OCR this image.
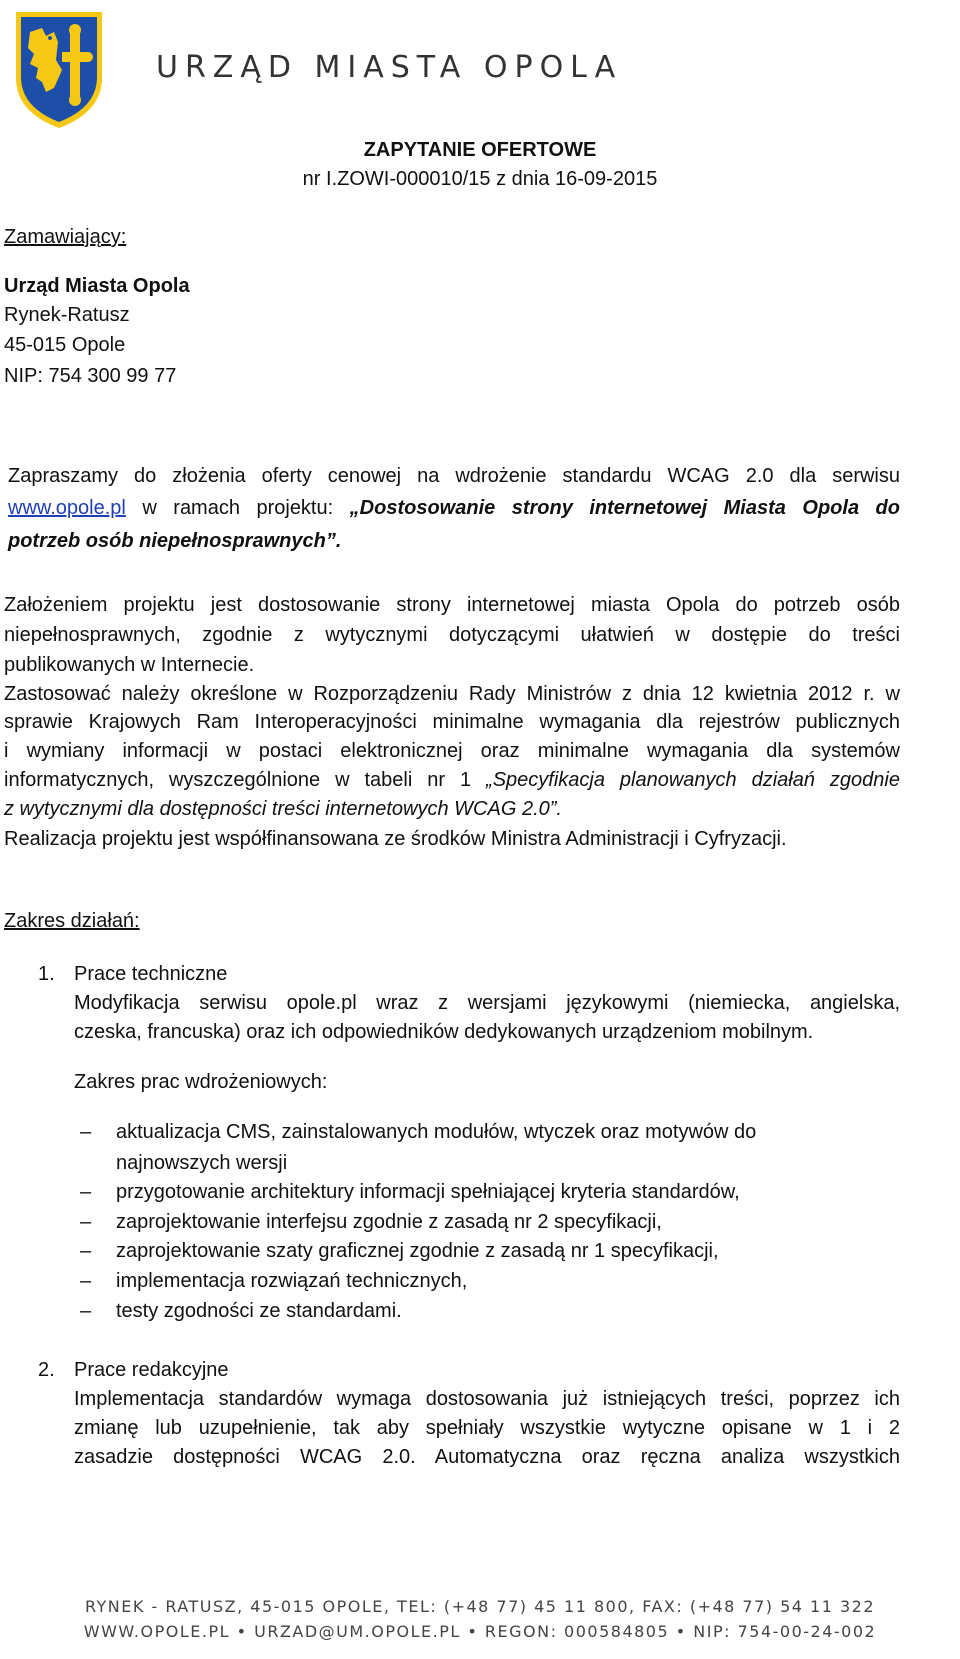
URZĄD MIASTA OPOLA
ZAPYTANIE OFERTOWE
nr I.ZOWI-000010/15 z dnia 16-09-2015
Zamawiający:
Urząd Miasta Opola
Rynek-Ratusz
45-015 Opole
NIP: 754 300 99 77
Zapraszamy do złożenia oferty cenowej na wdrożenie standardu WCAG 2.0 dla serwisu
www.opole.pl w ramach projektu: „Dostosowanie strony internetowej Miasta Opola do
potrzeb osób niepełnosprawnych”.
Założeniem projektu jest dostosowanie strony internetowej miasta Opola do potrzeb osób
niepełnosprawnych, zgodnie z wytycznymi dotyczącymi ułatwień w dostępie do treści
publikowanych w Internecie.
Zastosować należy określone w Rozporządzeniu Rady Ministrów z dnia 12 kwietnia 2012 r. w
sprawie Krajowych Ram Interoperacyjności minimalne wymagania dla rejestrów publicznych
i wymiany informacji w postaci elektronicznej oraz minimalne wymagania dla systemów
informatycznych, wyszczególnione w tabeli nr 1 „Specyfikacja planowanych działań zgodnie
z wytycznymi dla dostępności treści internetowych WCAG 2.0”.
Realizacja projektu jest współfinansowana ze środków Ministra Administracji i Cyfryzacji.
Zakres działań:
1. Prace techniczne
Modyfikacja serwisu opole.pl wraz z wersjami językowymi (niemiecka, angielska,
czeska, francuska) oraz ich odpowiedników dedykowanych urządzeniom mobilnym.
Zakres prac wdrożeniowych:
– aktualizacja CMS, zainstalowanych modułów, wtyczek oraz motywów do
najnowszych wersji
– przygotowanie architektury informacji spełniającej kryteria standardów,
– zaprojektowanie interfejsu zgodnie z zasadą nr 2 specyfikacji,
– zaprojektowanie szaty graficznej zgodnie z zasadą nr 1 specyfikacji,
– implementacja rozwiązań technicznych,
– testy zgodności ze standardami.
2. Prace redakcyjne
Implementacja standardów wymaga dostosowania już istniejących treści, poprzez ich
zmianę lub uzupełnienie, tak aby spełniały wszystkie wytyczne opisane w 1 i 2
zasadzie dostępności WCAG 2.0. Automatyczna oraz ręczna analiza wszystkich
RYNEK - RATUSZ, 45-015 OPOLE, TEL: (+48 77) 45 11 800, FAX: (+48 77) 54 11 322
WWW.OPOLE.PL • URZAD@UM.OPOLE.PL • REGON: 000584805 • NIP: 754-00-24-002
